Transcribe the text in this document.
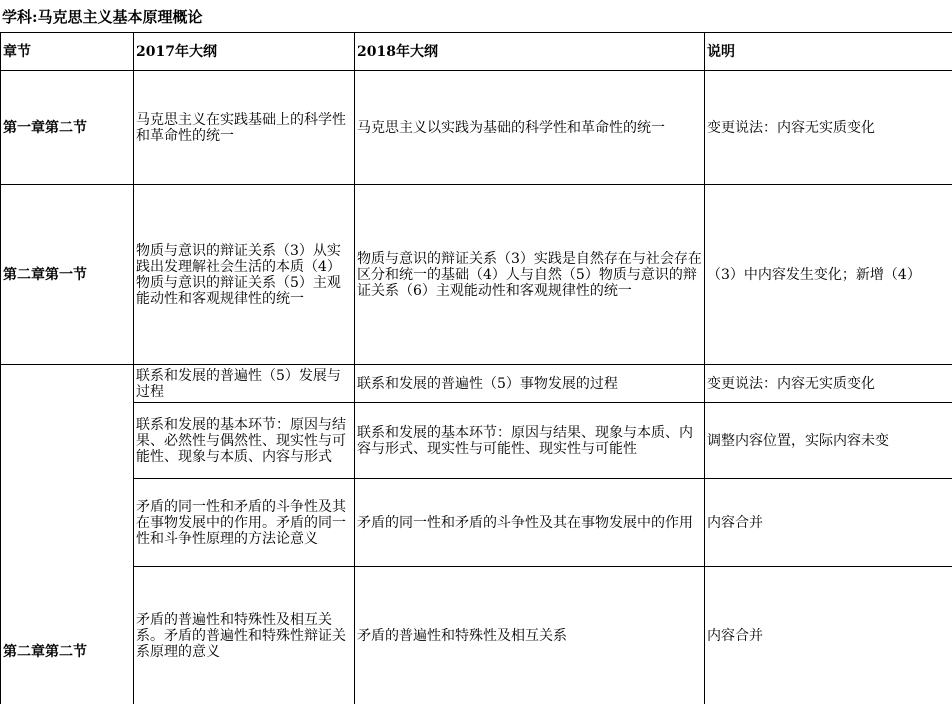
学科:马克思主义基本原理概论
章节	2017年大纲	2018年大纲	说明
第一章第二节	马克思主义在实践基础上的科学性和革命性的统一	马克思主义以实践为基础的科学性和革命性的统一	变更说法：内容无实质变化
第二章第一节	物质与意识的辩证关系（3）从实践出发理解社会生活的本质（4）物质与意识的辩证关系（5）主观能动性和客观规律性的统一	物质与意识的辩证关系（3）实践是自然存在与社会存在区分和统一的基础（4）人与自然（5）物质与意识的辩证关系（6）主观能动性和客观规律性的统一	（3）中内容发生变化；新增（4）
第二章第二节	联系和发展的普遍性（5）发展与过程	联系和发展的普遍性（5）事物发展的过程	变更说法：内容无实质变化
	联系和发展的基本环节：原因与结果、必然性与偶然性、现实性与可能性、现象与本质、内容与形式	联系和发展的基本环节：原因与结果、现象与本质、内容与形式、现实性与可能性、现实性与可能性	调整内容位置，实际内容未变
	矛盾的同一性和矛盾的斗争性及其在事物发展中的作用。矛盾的同一性和斗争性原理的方法论意义	矛盾的同一性和矛盾的斗争性及其在事物发展中的作用	内容合并
	矛盾的普遍性和特殊性及相互关系。矛盾的普遍性和特殊性辩证关系原理的意义	矛盾的普遍性和特殊性及相互关系	内容合并
